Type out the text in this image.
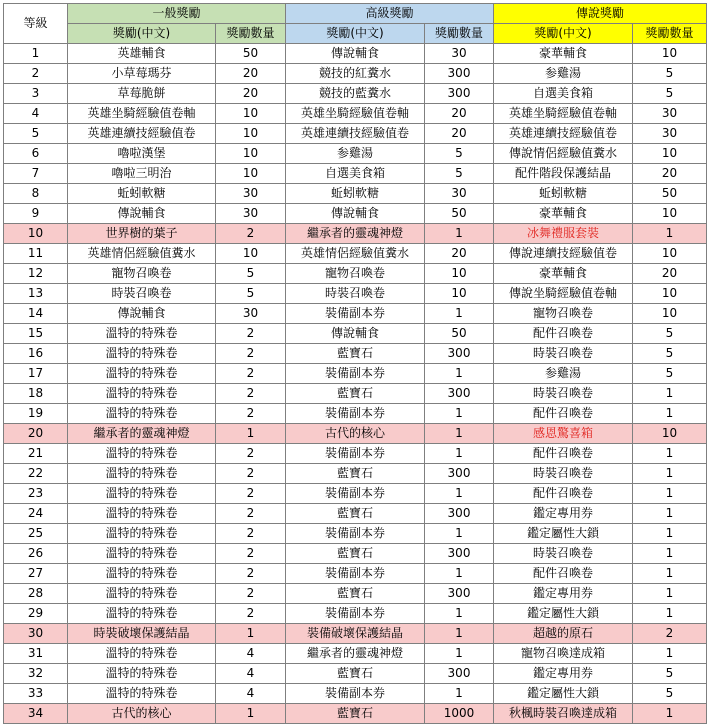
等級	一般獎勵		高級獎勵		傳說獎勵	
	獎勵(中文)	獎勵數量	獎勵(中文)	獎勵數量	獎勵(中文)	獎勵數量
1	英雄輔食	50	傳說輔食	30	豪華輔食	10
2	小草莓瑪芬	20	競技的紅糞水	300	参雞湯	5
3	草莓脆餅	20	競技的藍糞水	300	自選美食箱	5
4	英雄坐騎經驗值卷軸	10	英雄坐騎經驗值卷軸	20	英雄坐騎經驗值卷軸	30
5	英雄連續技經驗值卷	10	英雄連續技經驗值卷	20	英雄連續技經驗值卷	30
6	嚕啦漢堡	10	参雞湯	5	傳說情侶經驗值糞水	10
7	嚕啦三明治	10	自選美食箱	5	配件階段保護結晶	20
8	蚯蚓軟糖	30	蚯蚓軟糖	30	蚯蚓軟糖	50
9	傳說輔食	30	傳說輔食	50	豪華輔食	10
10	世界樹的葉子	2	繼承者的靈魂神燈	1	冰舞禮服套裝	1
11	英雄情侶經驗值糞水	10	英雄情侶經驗值糞水	20	傳說連續技經驗值卷	10
12	寵物召喚卷	5	寵物召喚卷	10	豪華輔食	20
13	時裝召喚卷	5	時裝召喚卷	10	傳說坐騎經驗值卷軸	10
14	傳說輔食	30	裝備副本券	1	寵物召喚卷	10
15	溫特的特殊卷	2	傳說輔食	50	配件召喚卷	5
16	溫特的特殊卷	2	藍寶石	300	時裝召喚卷	5
17	溫特的特殊卷	2	裝備副本券	1	参雞湯	5
18	溫特的特殊卷	2	藍寶石	300	時裝召喚卷	1
19	溫特的特殊卷	2	裝備副本券	1	配件召喚卷	1
20	繼承者的靈魂神燈	1	古代的核心	1	感恩驚喜箱	10
21	溫特的特殊卷	2	裝備副本券	1	配件召喚卷	1
22	溫特的特殊卷	2	藍寶石	300	時裝召喚卷	1
23	溫特的特殊卷	2	裝備副本券	1	配件召喚卷	1
24	溫特的特殊卷	2	藍寶石	300	鑑定專用券	1
25	溫特的特殊卷	2	裝備副本券	1	鑑定屬性大鎖	1
26	溫特的特殊卷	2	藍寶石	300	時裝召喚卷	1
27	溫特的特殊卷	2	裝備副本券	1	配件召喚卷	1
28	溫特的特殊卷	2	藍寶石	300	鑑定專用券	1
29	溫特的特殊卷	2	裝備副本券	1	鑑定屬性大鎖	1
30	時裝破壞保護結晶	1	裝備破壞保護結晶	1	超越的原石	2
31	溫特的特殊卷	4	繼承者的靈魂神燈	1	寵物召喚達成箱	1
32	溫特的特殊卷	4	藍寶石	300	鑑定專用券	5
33	溫特的特殊卷	4	裝備副本券	1	鑑定屬性大鎖	5
34	古代的核心	1	藍寶石	1000	秋楓時裝召喚達成箱	1
